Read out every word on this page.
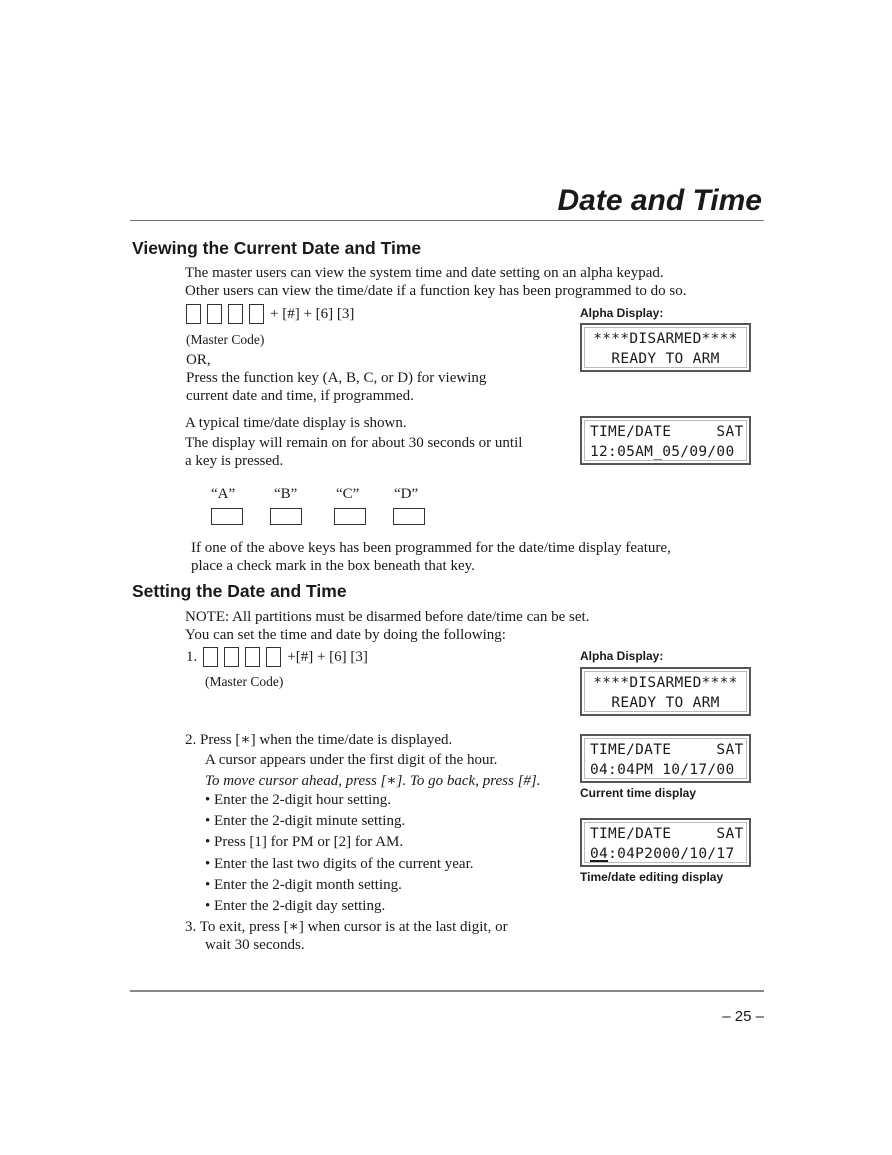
Date and Time
Viewing the Current Date and Time
The master users can view the system time and date setting on an alpha keypad.
Other users can view the time/date if a function key has been programmed to do so.
+ [#] + [6] [3]
(Master Code)
OR,
Press the function key (A, B, C, or D) for viewing
current date and time, if programmed.
A typical time/date display is shown.
The display will remain on for about 30 seconds or until
a key is pressed.
Alpha Display:
****DISARMED****
READY TO ARM
TIME/DATE     SAT
12:05AM_05/09/00
“A”	“B”	“C” “D”
If one of the above keys has been programmed for the date/time display feature,
place a check mark in the box beneath that key.
Setting the Date and Time
NOTE: All partitions must be disarmed before date/time can be set.
You can set the time and date by doing the following:
1.	+[#] + [6] [3]
(Master Code)
2. Press [∗] when the time/date is displayed.
A cursor appears under the first digit of the hour.
To move cursor ahead, press [∗]. To go back, press [#].
• Enter the 2-digit hour setting.
• Enter the 2-digit minute setting.
• Press [1] for PM or [2] for AM.
• Enter the last two digits of the current year.
• Enter the 2-digit month setting.
• Enter the 2-digit day setting.
3. To exit, press [∗] when cursor is at the last digit, or
wait 30 seconds.
Alpha Display:
****DISARMED****
READY TO ARM
TIME/DATE     SAT
04:04PM 10/17/00
Current time display
TIME/DATE     SAT
04:04P2000/10/17
Time/date editing display
– 25 –
